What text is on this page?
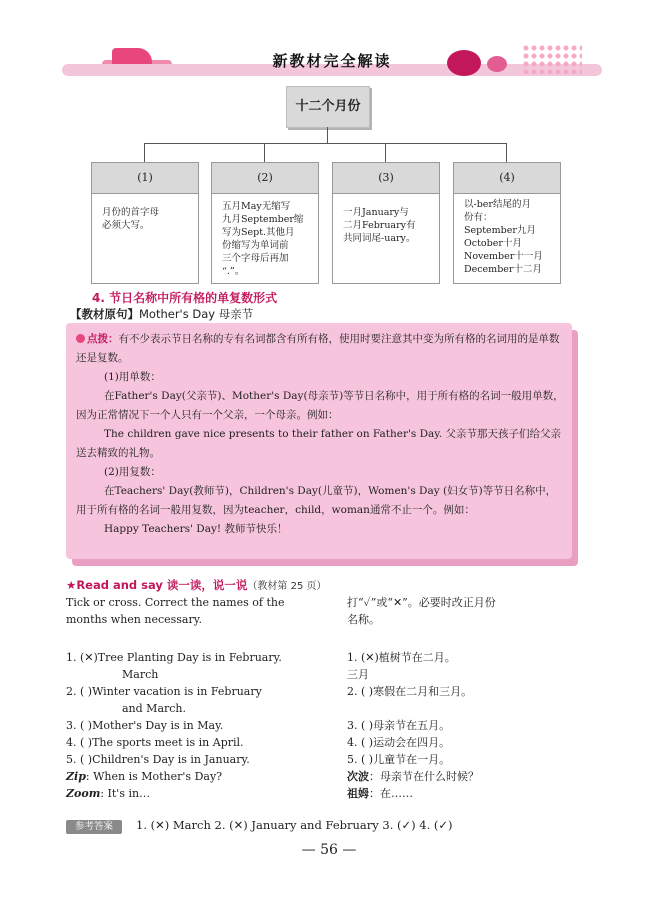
新教材完全解读
十二个月份
(1)
月份的首字母
必须大写。
(2)
五月May无缩写
九月September缩
写为Sept.其他月
份缩写为单词前
三个字母后再加
“.”。
(3)
一月January与
二月February有
共同词尾-uary。
(4)
以-ber结尾的月
份有：
September九月
October十月
November十一月
December十二月
4. 节日名称中所有格的单复数形式
【教材原句】Mother's Day 母亲节

点拨：有不少表示节日名称的专有名词都含有所有格，使用时要注意其中变为所有格的名词用的是单数还是复数。

(1)用单数：

在Father's Day(父亲节)、Mother's Day(母亲节)等节日名称中，用于所有格的名词一般用单数，因为正常情况下一个人只有一个父亲，一个母亲。例如：

The children gave nice presents to their father on Father's Day. 父亲节那天孩子们给父亲送去精致的礼物。

(2)用复数：

在Teachers' Day(教师节)，Children's Day(儿童节)，Women's Day (妇女节)等节日名称中，用于所有格的名词一般用复数，因为teacher，child，woman通常不止一个。例如：

Happy Teachers' Day! 教师节快乐！

★Read and say 读一读，说一说（教材第 25 页）
Tick or cross. Correct the names of the
months when necessary.
打“✓”或“✕”。必要时改正月份
名称。
1. (✕)Tree Planting Day is in February.
March
2. ( )Winter vacation is in February
and March.
3. ( )Mother's Day is in May.
4. ( )The sports meet is in April.
5. ( )Children's Day is in January.
Zip: When is Mother's Day?
Zoom: It's in…
1. (✕)植树节在二月。
三月
2. ( )寒假在二月和三月。

3. ( )母亲节在五月。
4. ( )运动会在四月。
5. ( )儿童节在一月。
次波：母亲节在什么时候？
祖姆：在……
参考答案	1. (✕) March 2. (✕) January and February 3. (✓) 4. (✓)
— 56 —
